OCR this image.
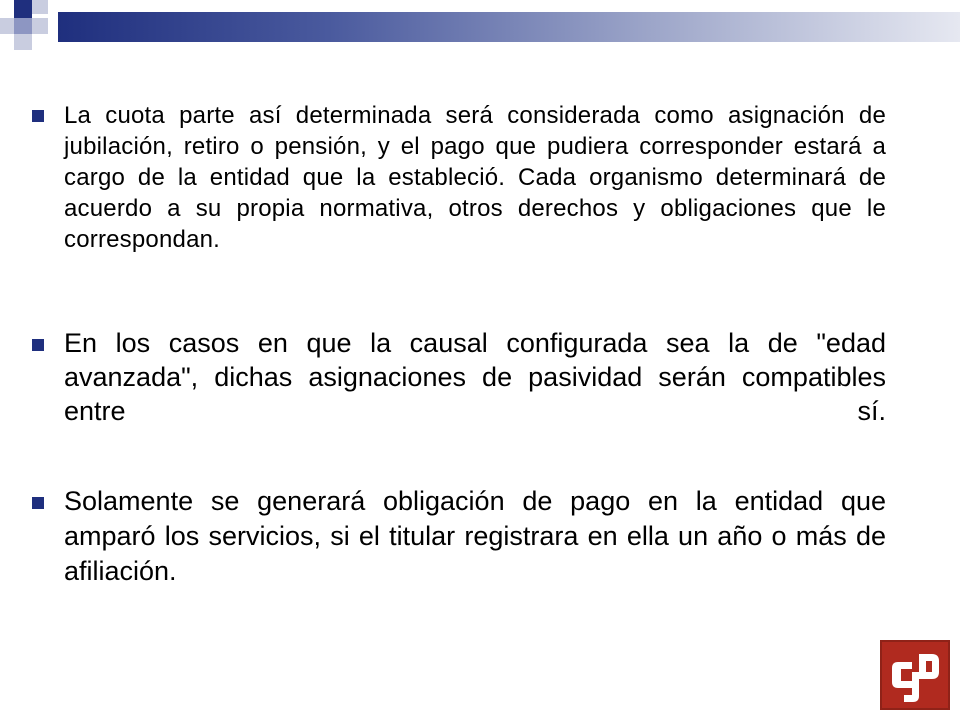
La cuota parte así determinada será considerada como asignación de jubilación, retiro o pensión, y el pago que pudiera corresponder estará a cargo de la entidad que la estableció. Cada organismo determinará de acuerdo a su propia normativa, otros derechos y obligaciones que le correspondan.

En los casos en que la causal configurada sea la de "edad avanzada", dichas asignaciones de pasividad serán compatibles entre sí.

Solamente se generará obligación de pago en la entidad que amparó los servicios, si el titular registrara en ella un año o más de afiliación.
